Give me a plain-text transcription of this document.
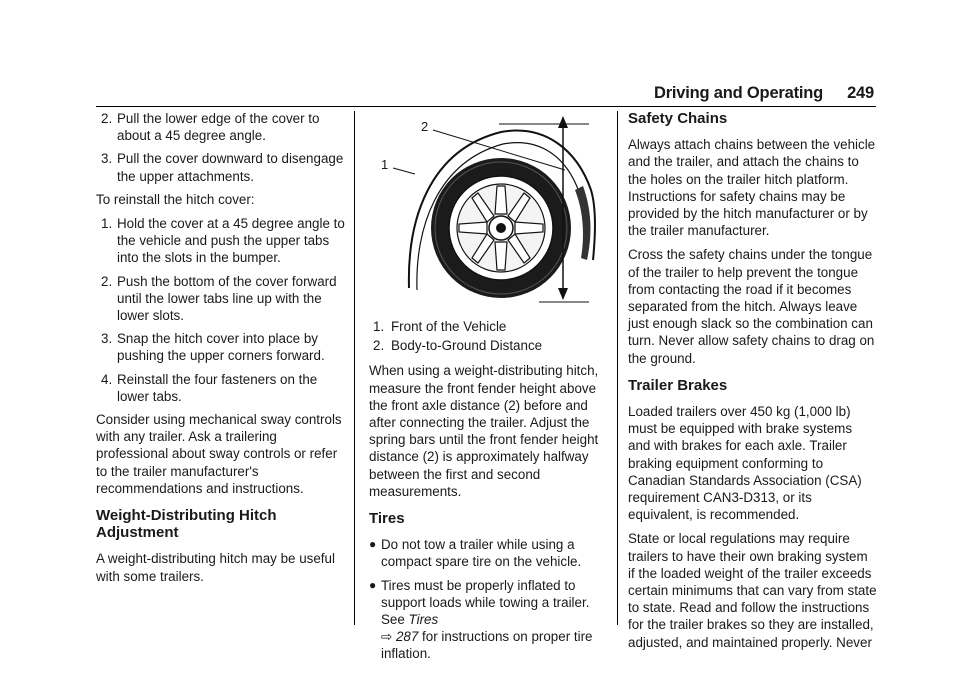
Driving and Operating 249
2. Pull the lower edge of the cover to about a 45 degree angle.
3. Pull the cover downward to disengage the upper attachments.

To reinstall the hitch cover:

1. Hold the cover at a 45 degree angle to the vehicle and push the upper tabs into the slots in the bumper.
2. Push the bottom of the cover forward until the lower tabs line up with the lower slots.
3. Snap the hitch cover into place by pushing the upper corners forward.
4. Reinstall the four fasteners on the lower tabs.

Consider using mechanical sway controls with any trailer. Ask a trailering professional about sway controls or refer to the trailer manufacturer's recommendations and instructions.

Weight-Distributing Hitch Adjustment

A weight-distributing hitch may be useful with some trailers.

2
1
1. Front of the Vehicle
2. Body-to-Ground Distance

When using a weight-distributing hitch, measure the front fender height above the front axle distance (2) before and after connecting the trailer. Adjust the spring bars until the front fender height distance (2) is approximately halfway between the first and second measurements.

Tires
● Do not tow a trailer while using a compact spare tire on the vehicle.
● Tires must be properly inflated to support loads while towing a trailer. See Tires
⇨ 287 for instructions on proper tire inflation.
Safety Chains

Always attach chains between the vehicle and the trailer, and attach the chains to the holes on the trailer hitch platform. Instructions for safety chains may be provided by the hitch manufacturer or by the trailer manufacturer.

Cross the safety chains under the tongue of the trailer to help prevent the tongue from contacting the road if it becomes separated from the hitch. Always leave just enough slack so the combination can turn. Never allow safety chains to drag on the ground.

Trailer Brakes

Loaded trailers over 450 kg (1,000 lb) must be equipped with brake systems and with brakes for each axle. Trailer braking equipment conforming to Canadian Standards Association (CSA) requirement CAN3-D313, or its equivalent, is recommended.

State or local regulations may require trailers to have their own braking system if the loaded weight of the trailer exceeds certain minimums that can vary from state to state. Read and follow the instructions for the trailer brakes so they are installed, adjusted, and maintained properly. Never
